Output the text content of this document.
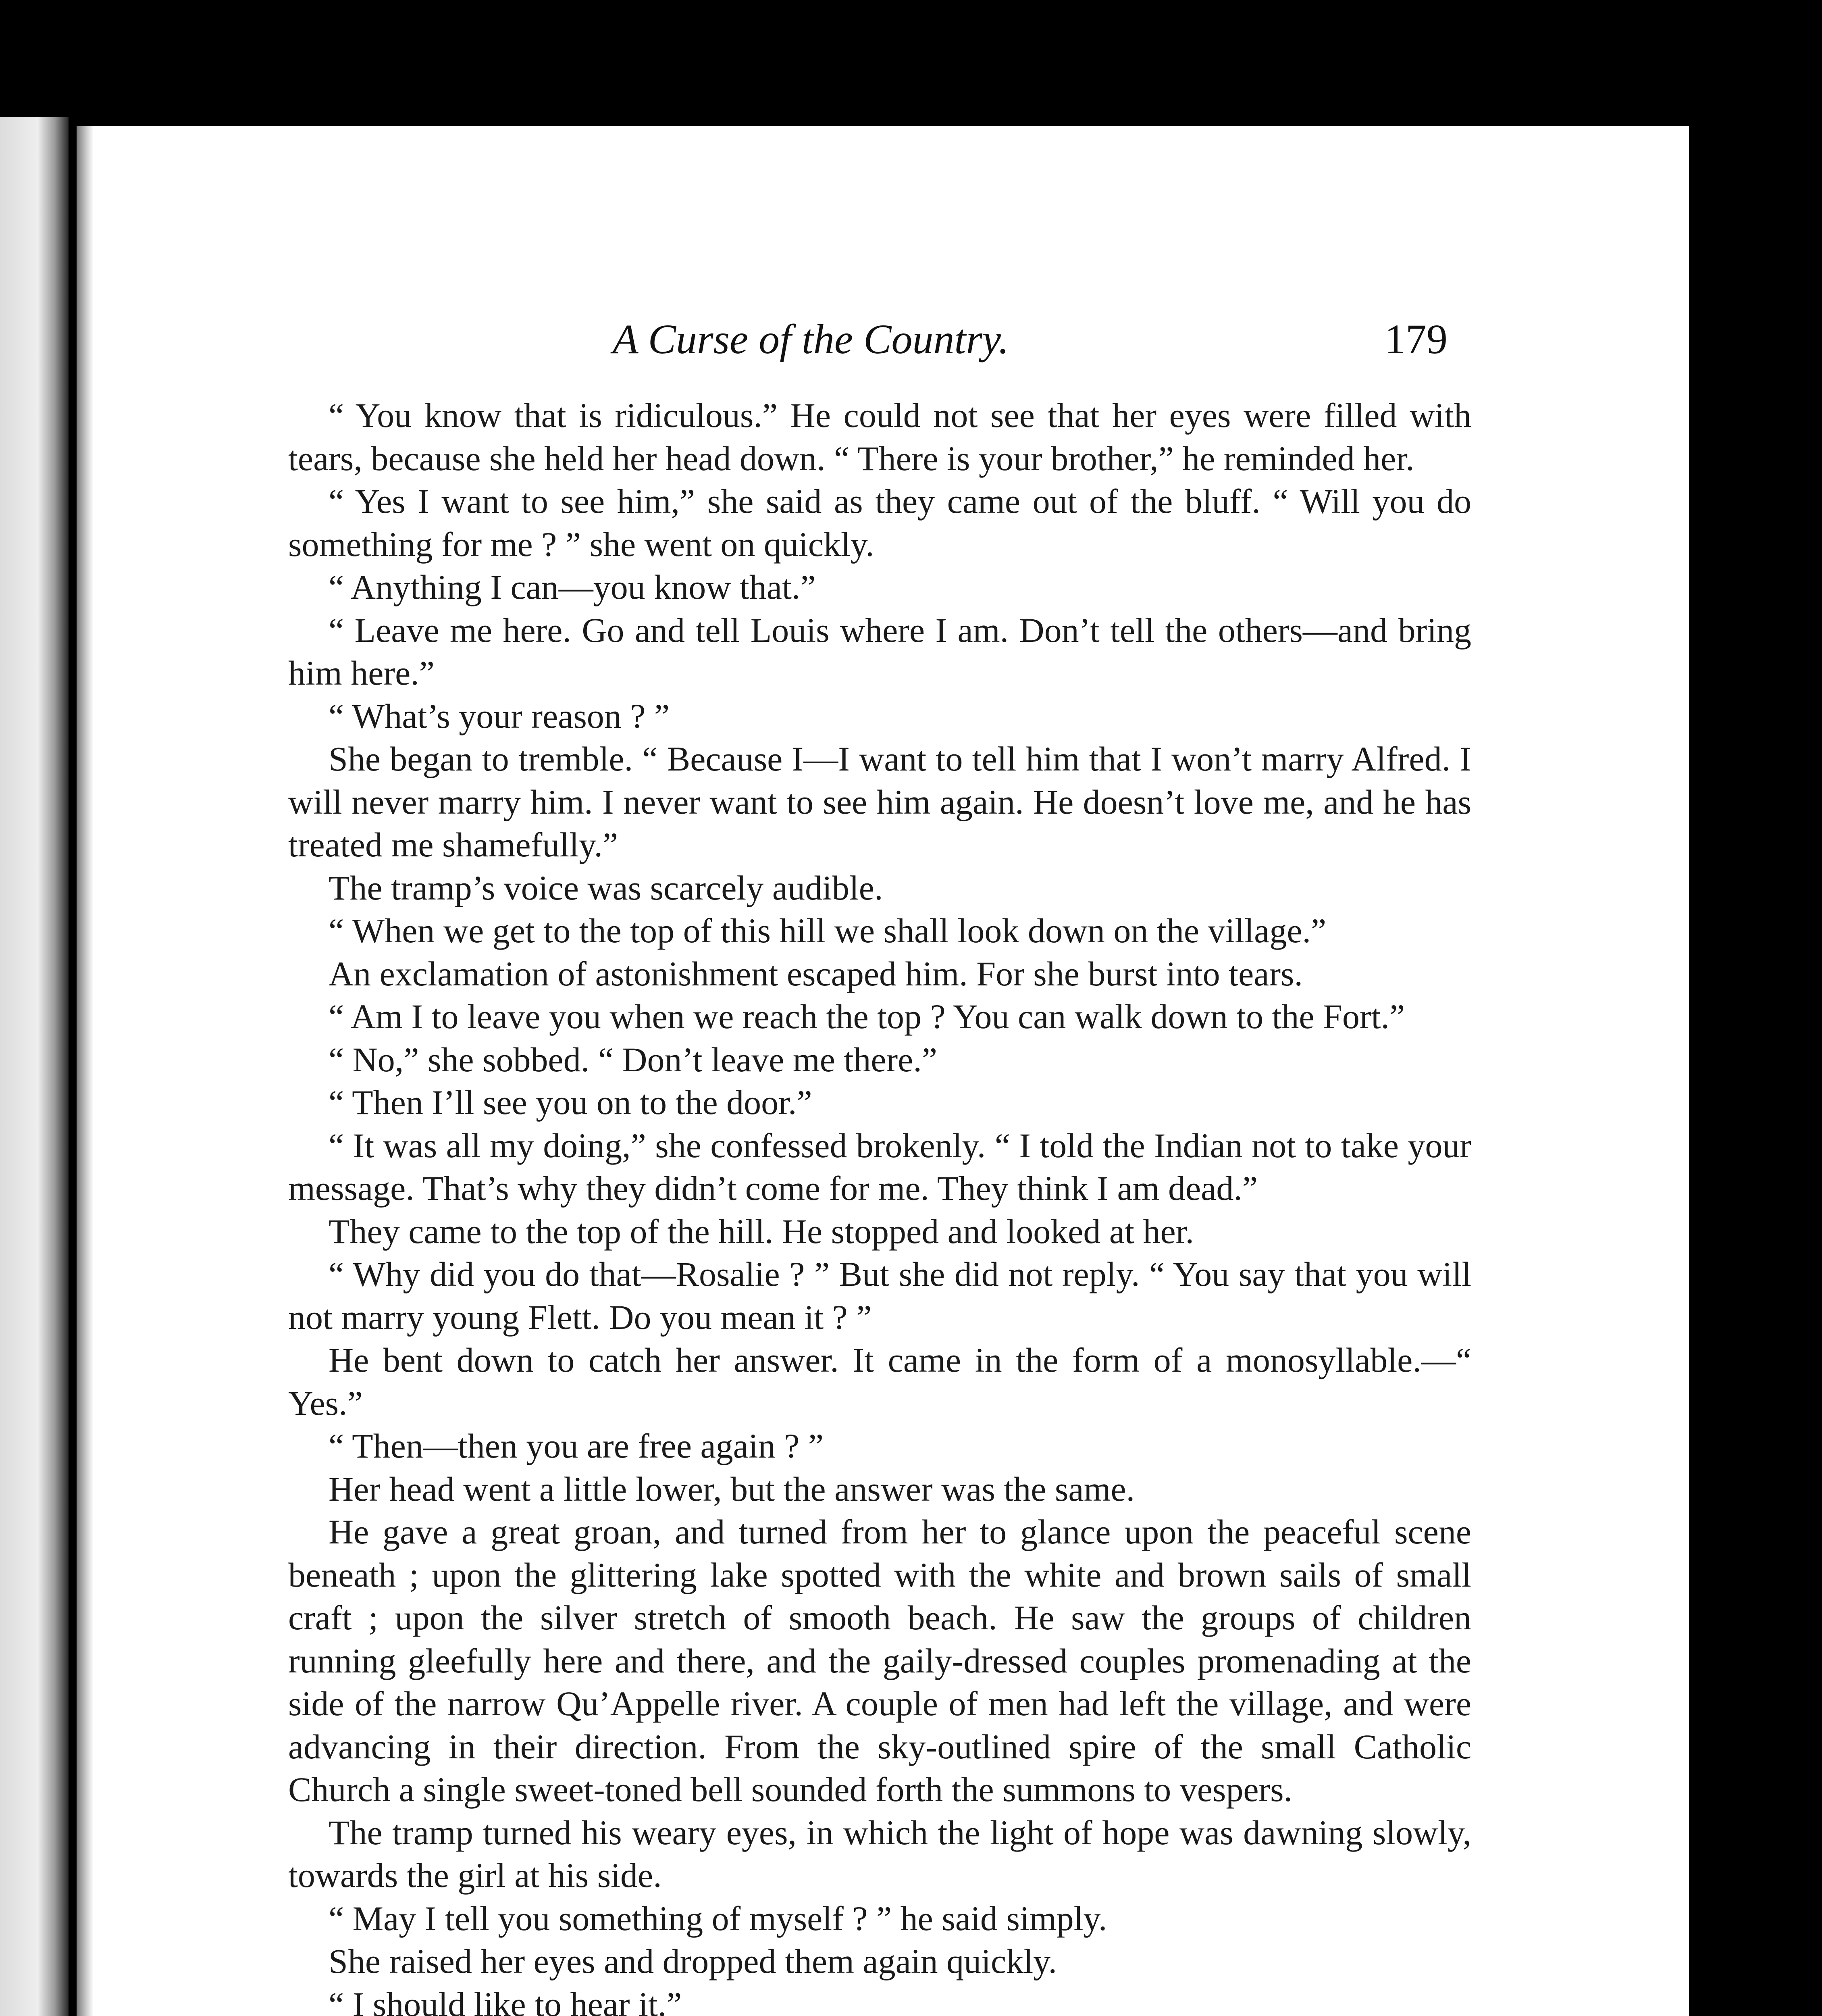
A Curse of the Country.	179

“ You know that is ridiculous.” He could not see that her eyes were filled with tears, because she held her head down. “ There is your brother,” he reminded her.

“ Yes I want to see him,” she said as they came out of the bluff. “ Will you do something for me ? ” she went on quickly.

“ Anything I can—you know that.”

“ Leave me here. Go and tell Louis where I am. Don’t tell the others—and bring him here.”

“ What’s your reason ? ”

She began to tremble. “ Because I—I want to tell him that I won’t marry Alfred. I will never marry him. I never want to see him again. He doesn’t love me, and he has treated me shamefully.”

The tramp’s voice was scarcely audible.

“ When we get to the top of this hill we shall look down on the village.”

An exclamation of astonishment escaped him. For she burst into tears.

“ Am I to leave you when we reach the top ? You can walk down to the Fort.”

“ No,” she sobbed. “ Don’t leave me there.”

“ Then I’ll see you on to the door.”

“ It was all my doing,” she confessed brokenly. “ I told the Indian not to take your message. That’s why they didn’t come for me. They think I am dead.”

They came to the top of the hill. He stopped and looked at her.

“ Why did you do that—Rosalie ? ” But she did not reply. “ You say that you will not marry young Flett. Do you mean it ? ”

He bent down to catch her answer. It came in the form of a monosyllable.—“ Yes.”

“ Then—then you are free again ? ”

Her head went a little lower, but the answer was the same.

He gave a great groan, and turned from her to glance upon the peaceful scene beneath ; upon the glittering lake spotted with the white and brown sails of small craft ; upon the silver stretch of smooth beach. He saw the groups of children running gleefully here and there, and the gaily-dressed couples promenading at the side of the narrow Qu’Appelle river. A couple of men had left the village, and were advancing in their direction. From the sky-outlined spire of the small Catholic Church a single sweet-toned bell sounded forth the summons to vespers.

The tramp turned his weary eyes, in which the light of hope was dawning slowly, towards the girl at his side.

“ May I tell you something of myself ? ” he said simply.

She raised her eyes and dropped them again quickly.

“ I should like to hear it.”
